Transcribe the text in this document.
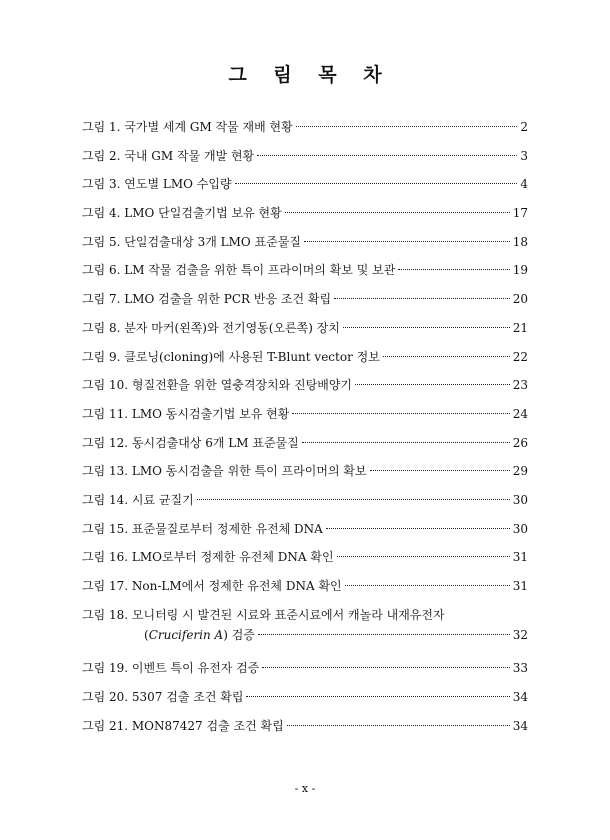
그 림 목 차
그림 1. 국가별 세계 GM 작물 재배 현황	2
그림 2. 국내 GM 작물 개발 현황	3
그림 3. 연도별 LMO 수입량	4
그림 4. LMO 단일검출기법 보유 현황	17
그림 5. 단일검출대상 3개 LMO 표준물질	18
그림 6. LM 작물 검출을 위한 특이 프라이머의 확보 및 보관	19
그림 7. LMO 검출을 위한 PCR 반응 조건 확립	20
그림 8. 분자 마커(왼쪽)와 전기영동(오른쪽) 장치	21
그림 9. 클로닝(cloning)에 사용된 T-Blunt vector 정보	22
그림 10. 형질전환을 위한 열충격장치와 진탕배양기	23
그림 11. LMO 동시검출기법 보유 현황	24
그림 12. 동시검출대상 6개 LM 표준물질	26
그림 13. LMO 동시검출을 위한 특이 프라이머의 확보	29
그림 14. 시료 균질기	30
그림 15. 표준물질로부터 정제한 유전체 DNA	30
그림 16. LMO로부터 정제한 유전체 DNA 확인	31
그림 17. Non-LM에서 정제한 유전체 DNA 확인	31
그림 18. 모니터링 시 발견된 시료와 표준시료에서 캐놀라 내재유전자
(Cruciferin A) 검증	32
그림 19. 이벤트 특이 유전자 검증	33
그림 20. 5307 검출 조건 확립	34
그림 21. MON87427 검출 조건 확립	34
- x -
